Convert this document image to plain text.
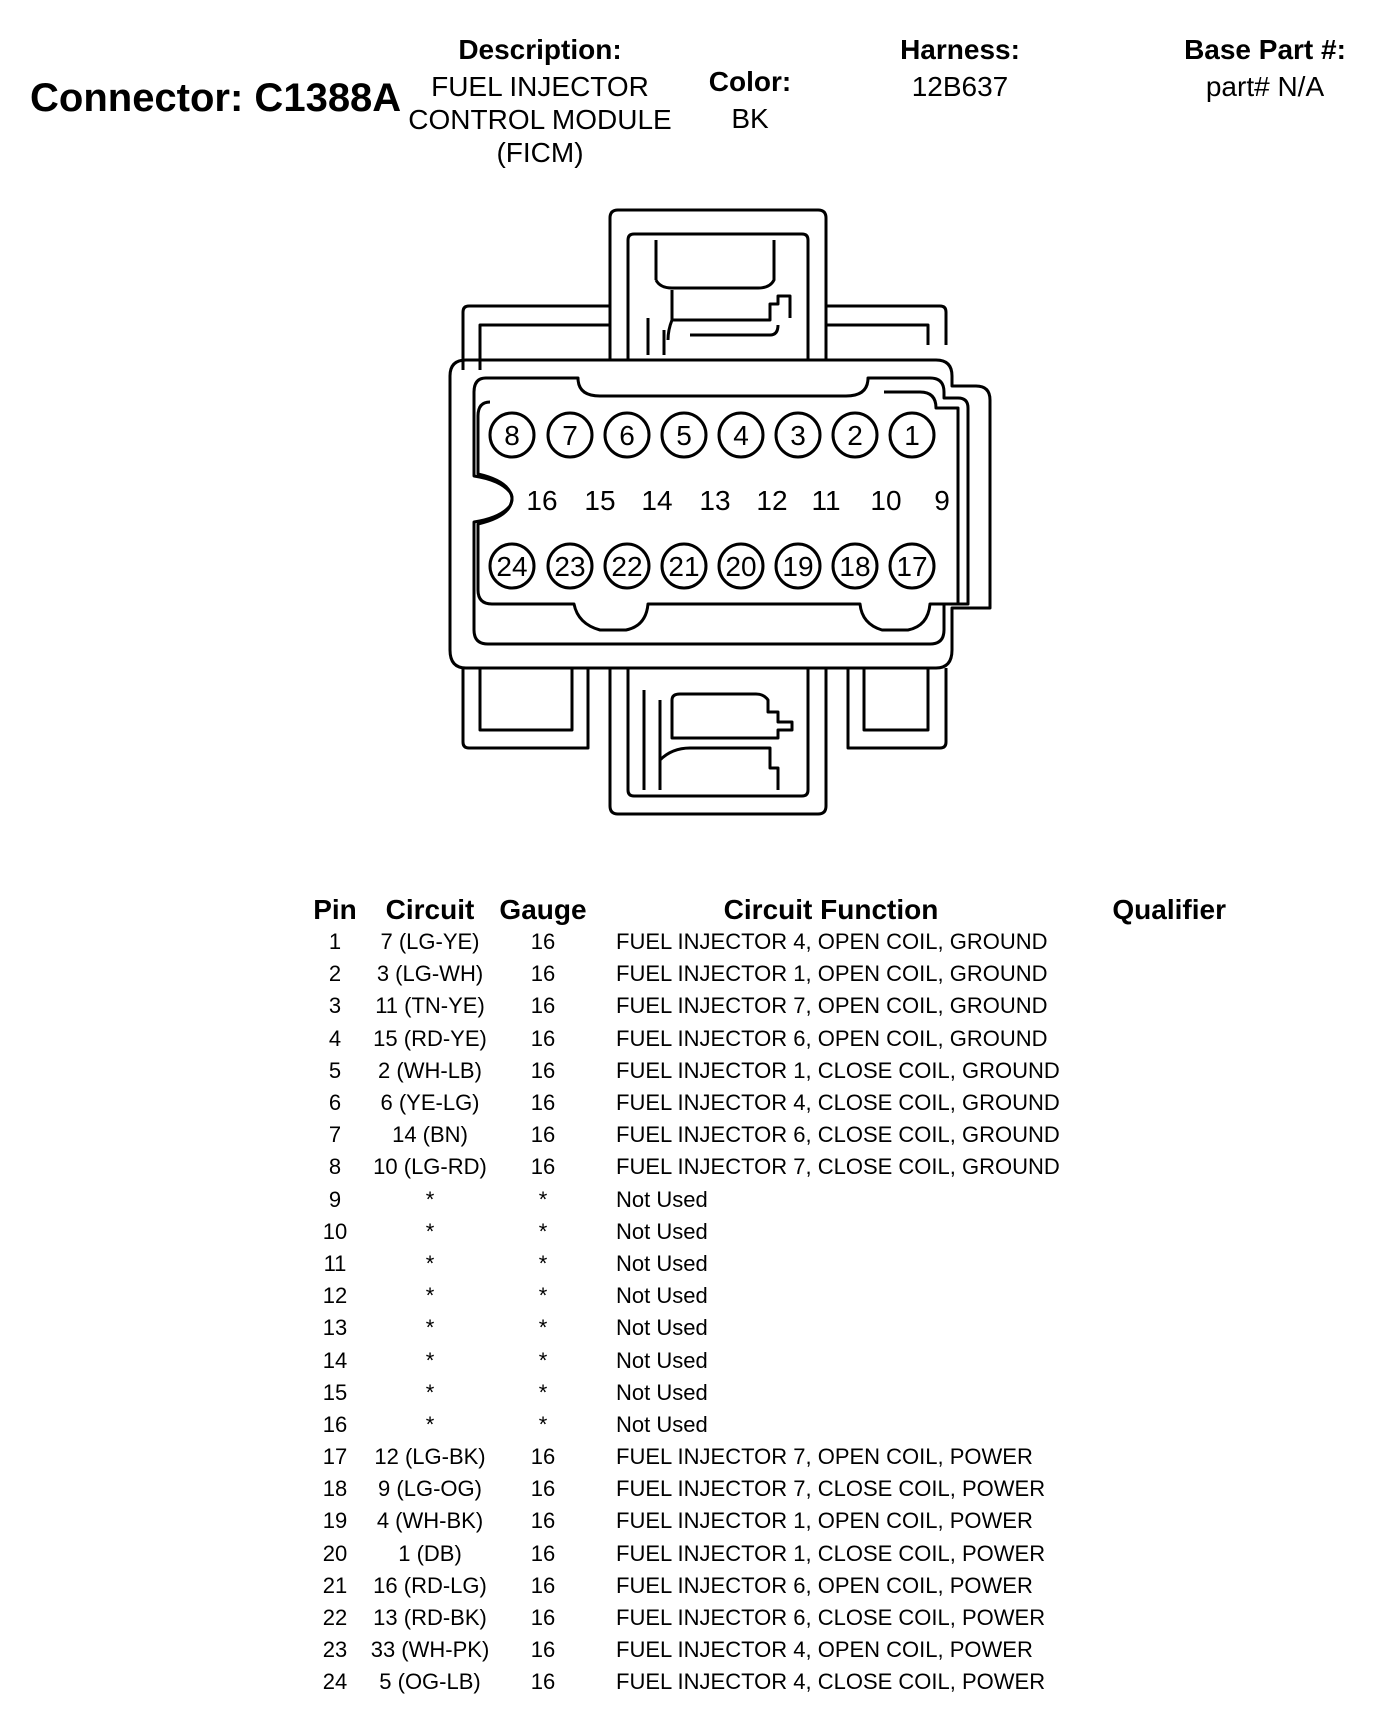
Connector: C1388A
Description:
FUEL INJECTOR
CONTROL MODULE
(FICM)
Color:
BK
Harness:
12B637
Base Part #:
part# N/A
8 7 6 5 4 3 2 1
24 23 22 21 20 19 18 17
16 15 14 13 12 11 10 9
Pin	Circuit	Gauge	Circuit Function	Qualifier
1	7 (LG-YE)	16	FUEL INJECTOR 4, OPEN COIL, GROUND	
2	3 (LG-WH)	16	FUEL INJECTOR 1, OPEN COIL, GROUND	
3	11 (TN-YE)	16	FUEL INJECTOR 7, OPEN COIL, GROUND	
4	15 (RD-YE)	16	FUEL INJECTOR 6, OPEN COIL, GROUND	
5	2 (WH-LB)	16	FUEL INJECTOR 1, CLOSE COIL, GROUND	
6	6 (YE-LG)	16	FUEL INJECTOR 4, CLOSE COIL, GROUND	
7	14 (BN)	16	FUEL INJECTOR 6, CLOSE COIL, GROUND	
8	10 (LG-RD)	16	FUEL INJECTOR 7, CLOSE COIL, GROUND	
9	*	*	Not Used	
10	*	*	Not Used	
11	*	*	Not Used	
12	*	*	Not Used	
13	*	*	Not Used	
14	*	*	Not Used	
15	*	*	Not Used	
16	*	*	Not Used	
17	12 (LG-BK)	16	FUEL INJECTOR 7, OPEN COIL, POWER	
18	9 (LG-OG)	16	FUEL INJECTOR 7, CLOSE COIL, POWER	
19	4 (WH-BK)	16	FUEL INJECTOR 1, OPEN COIL, POWER	
20	1 (DB)	16	FUEL INJECTOR 1, CLOSE COIL, POWER	
21	16 (RD-LG)	16	FUEL INJECTOR 6, OPEN COIL, POWER	
22	13 (RD-BK)	16	FUEL INJECTOR 6, CLOSE COIL, POWER	
23	33 (WH-PK)	16	FUEL INJECTOR 4, OPEN COIL, POWER	
24	5 (OG-LB)	16	FUEL INJECTOR 4, CLOSE COIL, POWER	
